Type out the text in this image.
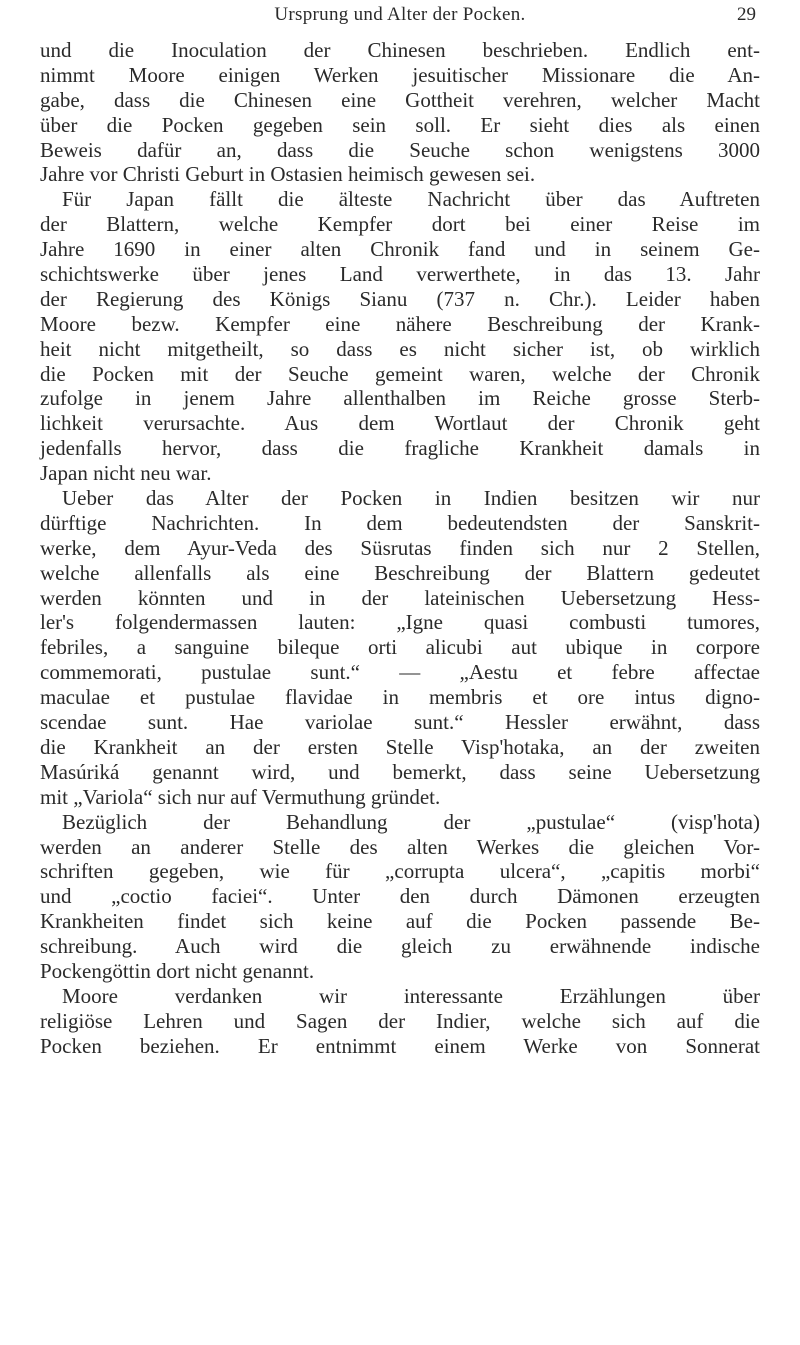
Ursprung und Alter der Pocken.	29
und die Inoculation der Chinesen beschrieben. Endlich ent-
nimmt Moore einigen Werken jesuitischer Missionare die An-
gabe, dass die Chinesen eine Gottheit verehren, welcher Macht
über die Pocken gegeben sein soll. Er sieht dies als einen
Beweis dafür an, dass die Seuche schon wenigstens 3000
Jahre vor Christi Geburt in Ostasien heimisch gewesen sei.
Für Japan fällt die älteste Nachricht über das Auftreten
der Blattern, welche Kempfer dort bei einer Reise im
Jahre 1690 in einer alten Chronik fand und in seinem Ge-
schichtswerke über jenes Land verwerthete, in das 13. Jahr
der Regierung des Königs Sianu (737 n. Chr.). Leider haben
Moore bezw. Kempfer eine nähere Beschreibung der Krank-
heit nicht mitgetheilt, so dass es nicht sicher ist, ob wirklich
die Pocken mit der Seuche gemeint waren, welche der Chronik
zufolge in jenem Jahre allenthalben im Reiche grosse Sterb-
lichkeit verursachte. Aus dem Wortlaut der Chronik geht
jedenfalls hervor, dass die fragliche Krankheit damals in
Japan nicht neu war.
Ueber das Alter der Pocken in Indien besitzen wir nur
dürftige Nachrichten. In dem bedeutendsten der Sanskrit-
werke, dem Ayur-Veda des Süsrutas finden sich nur 2 Stellen,
welche allenfalls als eine Beschreibung der Blattern gedeutet
werden könnten und in der lateinischen Uebersetzung Hess-
ler's folgendermassen lauten: „Igne quasi combusti tumores,
febriles, a sanguine bileque orti alicubi aut ubique in corpore
commemorati, pustulae sunt.“ — „Aestu et febre affectae
maculae et pustulae flavidae in membris et ore intus digno-
scendae sunt. Hae variolae sunt.“ Hessler erwähnt, dass
die Krankheit an der ersten Stelle Visp'hotaka, an der zweiten
Masúriká genannt wird, und bemerkt, dass seine Uebersetzung
mit „Variola“ sich nur auf Vermuthung gründet.
Bezüglich der Behandlung der „pustulae“ (visp'hota)
werden an anderer Stelle des alten Werkes die gleichen Vor-
schriften gegeben, wie für „corrupta ulcera“, „capitis morbi“
und „coctio faciei“. Unter den durch Dämonen erzeugten
Krankheiten findet sich keine auf die Pocken passende Be-
schreibung. Auch wird die gleich zu erwähnende indische
Pockengöttin dort nicht genannt.
Moore verdanken wir interessante Erzählungen über
religiöse Lehren und Sagen der Indier, welche sich auf die
Pocken beziehen. Er entnimmt einem Werke von Sonnerat
